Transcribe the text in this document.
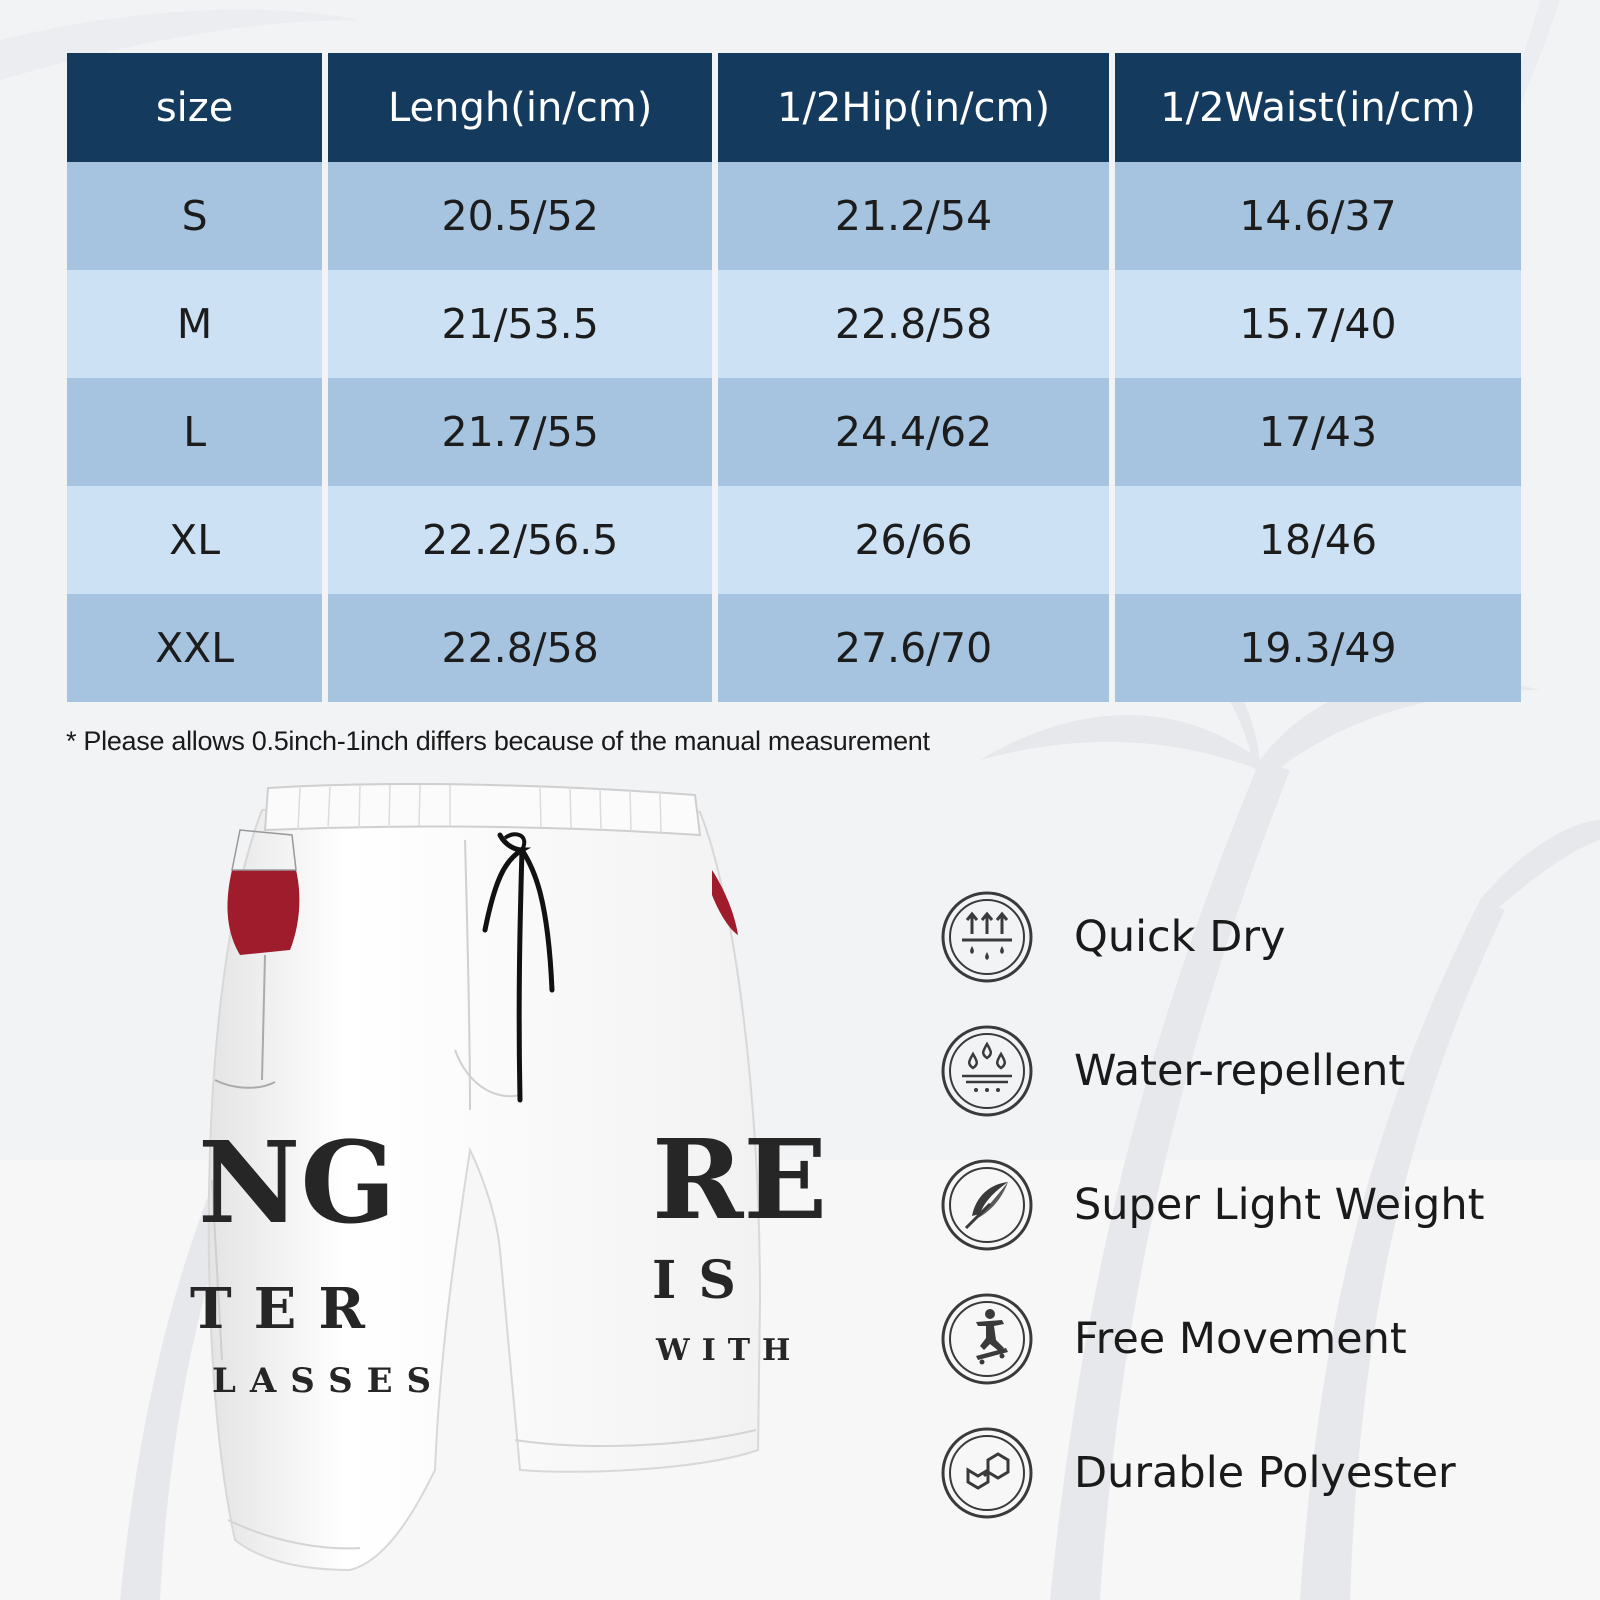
size	Lengh(in/cm)	1/2Hip(in/cm)	1/2Waist(in/cm)
S	20.5/52	21.2/54	14.6/37
M	21/53.5	22.8/58	15.7/40
L	21.7/55	24.4/62	17/43
XL	22.2/56.5	26/66	18/46
XXL	22.8/58	27.6/70	19.3/49
* Please allows 0.5inch-1inch differs because of the manual measurement
NG
TER
LASSES
RE
IS
WITH
Quick Dry
Water-repellent
Super Light Weight
Free Movement
Durable Polyester
